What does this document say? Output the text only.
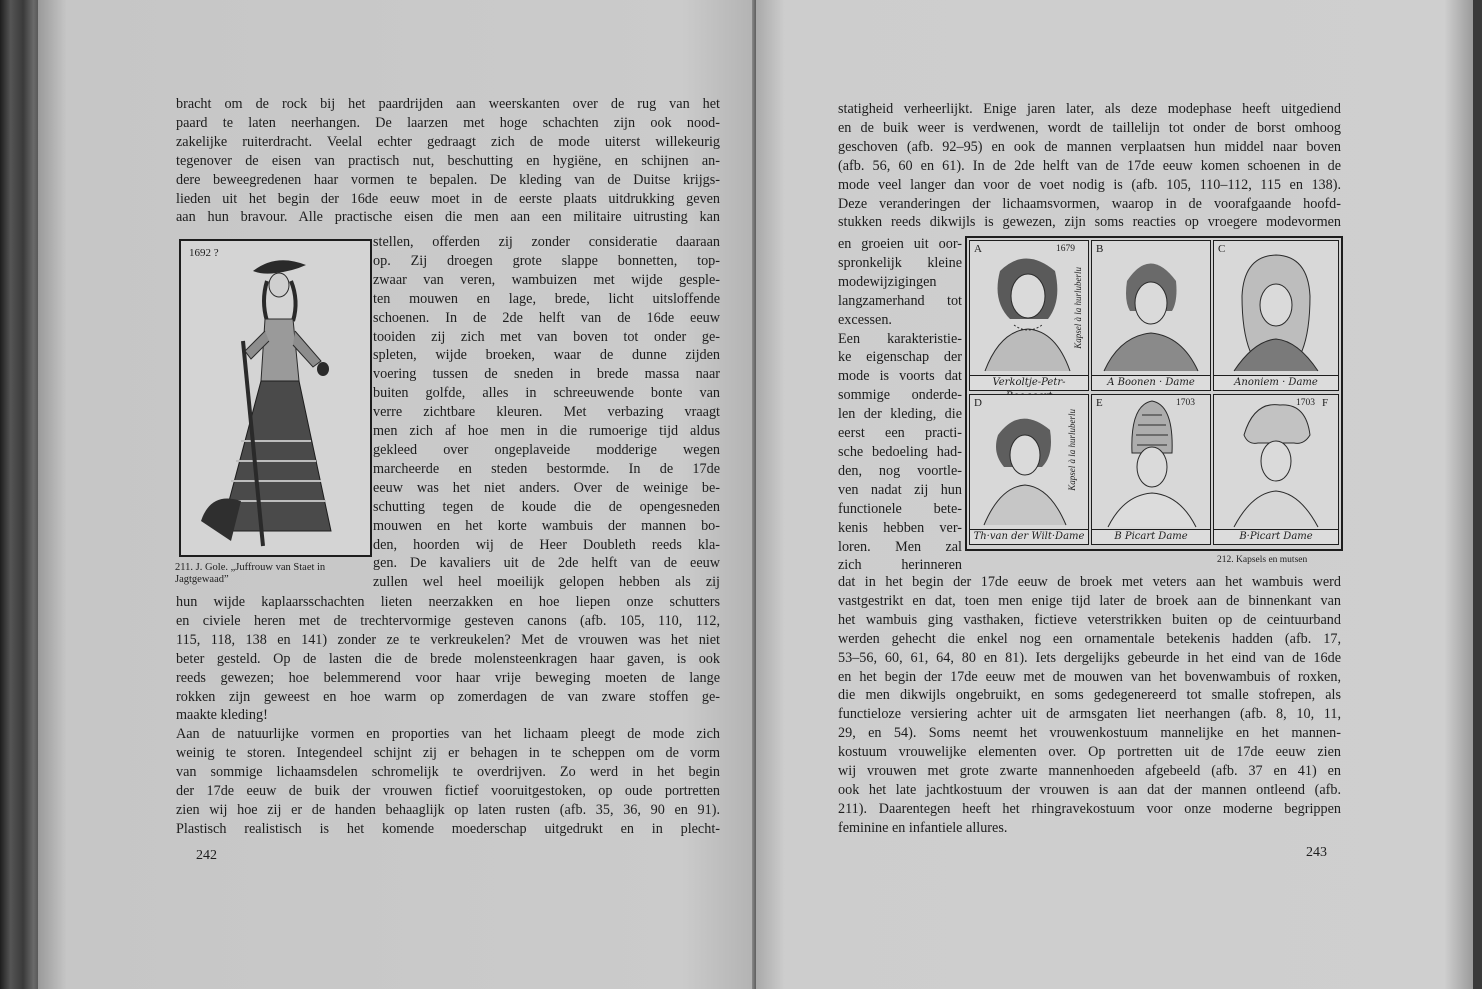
bracht om de rock bij het paardrijden aan weerskanten over de rug van het
paard te laten neerhangen. De laarzen met hoge schachten zijn ook nood-
zakelijke ruiterdracht. Veelal echter gedraagt zich de mode uiterst willekeurig
tegenover de eisen van practisch nut, beschutting en hygiëne, en schijnen an-
dere beweegredenen haar vormen te bepalen. De kleding van de Duitse krijgs-
lieden uit het begin der 16de eeuw moet in de eerste plaats uitdrukking geven
aan hun bravour. Alle practische eisen die men aan een militaire uitrusting kan
1692 ?
211. J. Gole. „Juffrouw van Staet in Jagtgewaad”
stellen, offerden zij zonder consideratie daaraan
op. Zij droegen grote slappe bonnetten, top-
zwaar van veren, wambuizen met wijde gesple-
ten mouwen en lage, brede, licht uitsloffende
schoenen. In de 2de helft van de 16de eeuw
tooiden zij zich met van boven tot onder ge-
spleten, wijde broeken, waar de dunne zijden
voering tussen de sneden in brede massa naar
buiten golfde, alles in schreeuwende bonte van
verre zichtbare kleuren. Met verbazing vraagt
men zich af hoe men in die rumoerige tijd aldus
gekleed over ongeplaveide modderige wegen
marcheerde en steden bestormde. In de 17de
eeuw was het niet anders. Over de weinige be-
schutting tegen de koude die de opengesneden
mouwen en het korte wambuis der mannen bo-
den, hoorden wij de Heer Doubleth reeds kla-
gen. De kavaliers uit de 2de helft van de eeuw
zullen wel heel moeilijk gelopen hebben als zij
hun wijde kaplaarsschachten lieten neerzakken en hoe liepen onze schutters
en civiele heren met de trechtervormige gesteven canons (afb. 105, 110, 112,
115, 118, 138 en 141) zonder ze te verkreukelen? Met de vrouwen was het niet
beter gesteld. Op de lasten die de brede molensteenkragen haar gaven, is ook
reeds gewezen; hoe belemmerend voor haar vrije beweging moeten de lange
rokken zijn geweest en hoe warm op zomerdagen de van zware stoffen ge-
maakte kleding!
Aan de natuurlijke vormen en proporties van het lichaam pleegt de mode zich
weinig te storen. Integendeel schijnt zij er behagen in te scheppen om de vorm
van sommige lichaamsdelen schromelijk te overdrijven. Zo werd in het begin
der 17de eeuw de buik der vrouwen fictief vooruitgestoken, op oude portretten
zien wij hoe zij er de handen behaaglijk op laten rusten (afb. 35, 36, 90 en 91).
Plastisch realistisch is het komende moederschap uitgedrukt en in plecht-
242
statigheid verheerlijkt. Enige jaren later, als deze modephase heeft uitgediend
en de buik weer is verdwenen, wordt de taillelijn tot onder de borst omhoog
geschoven (afb. 92–95) en ook de mannen verplaatsen hun middel naar boven
(afb. 56, 60 en 61). In de 2de helft van de 17de eeuw komen schoenen in de
mode veel langer dan voor de voet nodig is (afb. 105, 110–112, 115 en 138).
Deze veranderingen der lichaamsvormen, waarop in de voorafgaande hoofd-
stukken reeds dikwijls is gewezen, zijn soms reacties op vroegere modevormen
en groeien uit oor-
spronkelijk kleine
modewijzigingen
langzamerhand tot
excessen.
Een karakteristie-
ke eigenschap der
mode is voorts dat
sommige onderde-
len der kleding, die
eerst een practi-
sche bedoeling had-
den, nog voortle-
ven nadat zij hun
functionele bete-
kenis hebben ver-
loren. Men zal
zich herinneren
A	1679
Kapsel à la hurluberlu
Verkoltje-Petr-
B
A Boonen · Dame
C
Anoniem · Dame
D
Kapsel à la hurluberlu
Th·van der Wilt·Dame
E	1703
B Picart Dame
1703 F
B·Picart Dame
212. Kapsels en mutsen
dat in het begin der 17de eeuw de broek met veters aan het wambuis werd
vastgestrikt en dat, toen men enige tijd later de broek aan de binnenkant van
het wambuis ging vasthaken, fictieve veterstrikken buiten op de ceintuurband
werden gehecht die enkel nog een ornamentale betekenis hadden (afb. 17,
53–56, 60, 61, 64, 80 en 81). Iets dergelijks gebeurde in het eind van de 16de
en het begin der 17de eeuw met de mouwen van het bovenwambuis of roxken,
die men dikwijls ongebruikt, en soms gedegenereerd tot smalle stofrepen, als
functieloze versiering achter uit de armsgaten liet neerhangen (afb. 8, 10, 11,
29, en 54). Soms neemt het vrouwenkostuum mannelijke en het mannen-
kostuum vrouwelijke elementen over. Op portretten uit de 17de eeuw zien
wij vrouwen met grote zwarte mannenhoeden afgebeeld (afb. 37 en 41) en
ook het late jachtkostuum der vrouwen is aan dat der mannen ontleend (afb.
211). Daarentegen heeft het rhingravekostuum voor onze moderne begrippen
feminine en infantiele allures.
243
